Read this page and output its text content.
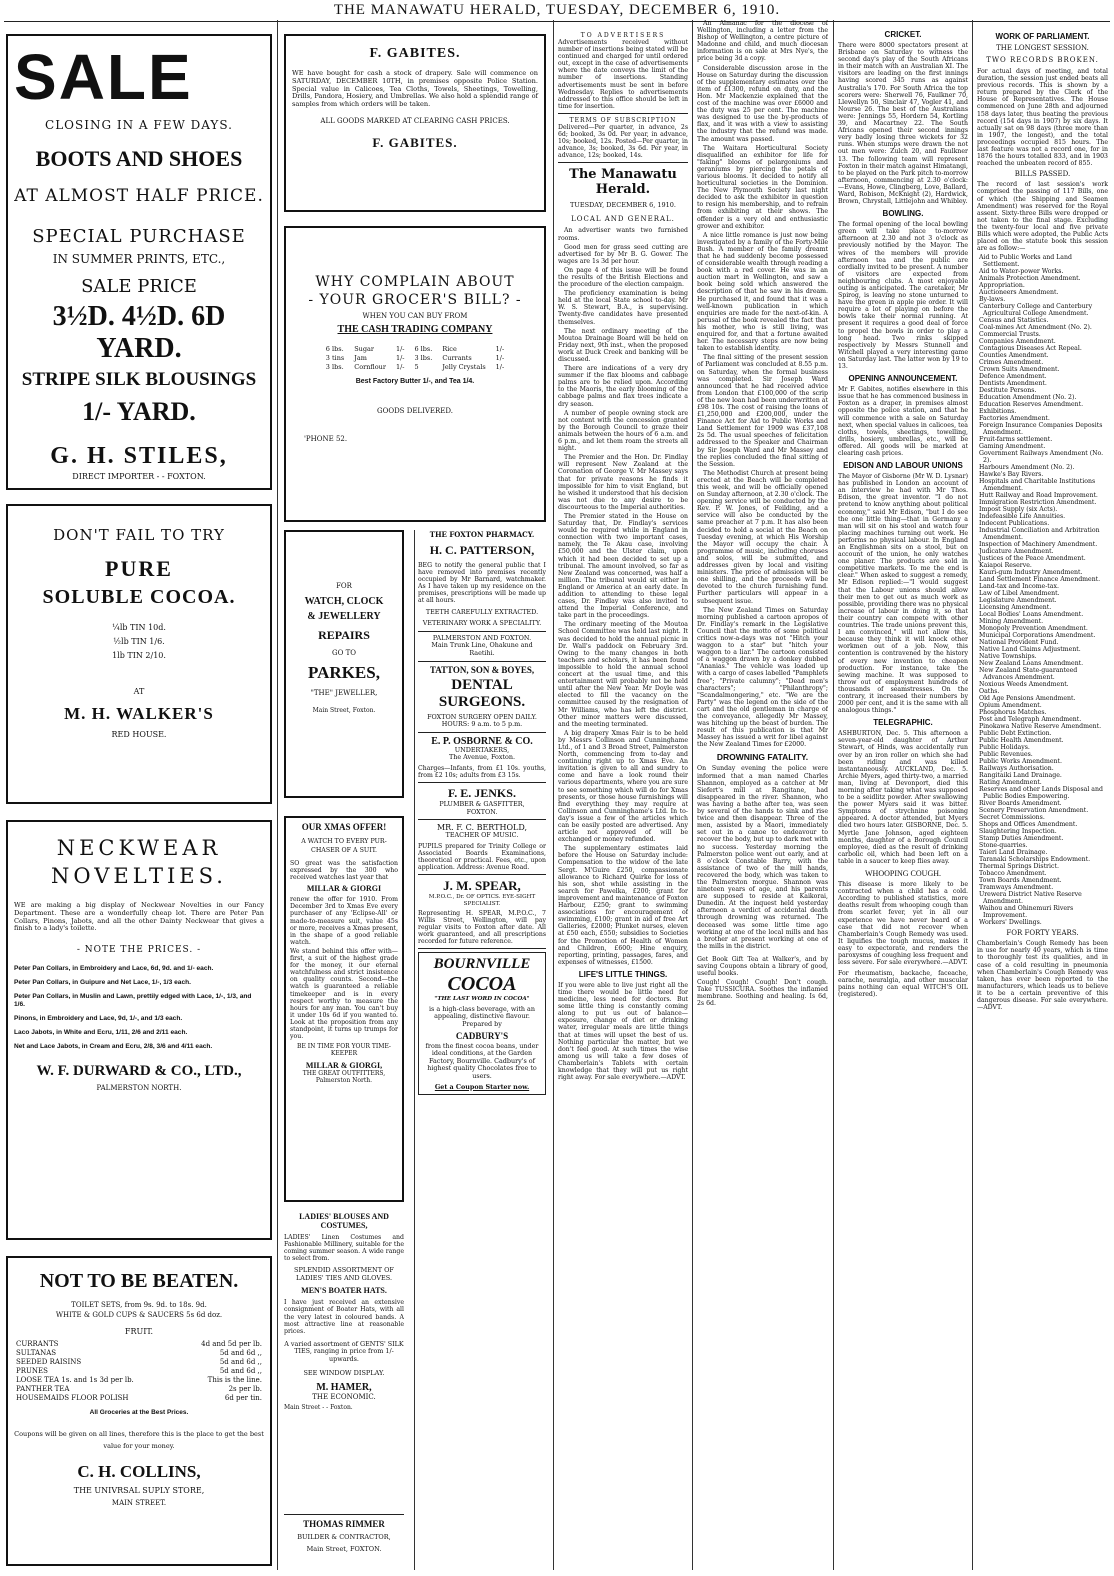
THE MANAWATU HERALD, TUESDAY, DECEMBER 6, 1910.
SALE
CLOSING IN A FEW DAYS.
BOOTS AND SHOES
AT ALMOST HALF PRICE.
SPECIAL PURCHASE
IN SUMMER PRINTS, ETC.,
SALE PRICE
3½D. 4½D. 6D YARD.
STRIPE SILK BLOUSINGS
1/- YARD.
G. H. STILES,
DIRECT IMPORTER - - FOXTON.
DON'T FAIL TO TRY
PURE
SOLUBLE COCOA.
¼lb TIN 10d.
½lb TIN 1/6.
1lb TIN 2/10.
AT
M. H. WALKER'S
RED HOUSE.
NECKWEAR
NOVELTIES.
WE are making a big display of Neckwear Novelties in our Fancy Department. These are a wonderfully cheap lot. There are Peter Pan Collars, Pinons, Jabots, and all the other Dainty Neckwear that gives a finish to a lady's toilette.
- NOTE THE PRICES. -
Peter Pan Collars, in Embroidery and Lace, 6d, 9d. and 1/- each.
Peter Pan Collars, in Guipure and Net Lace, 1/-, 1/3 each.
Peter Pan Collars, in Muslin and Lawn, prettily edged with Lace, 1/-, 1/3, and 1/6.
Pinons, in Embroidery and Lace, 9d, 1/-, and 1/3 each.
Laco Jabots, in White and Ecru, 1/11, 2/6 and 2/11 each.
Net and Lace Jabots, in Cream and Ecru, 2/8, 3/6 and 4/11 each.
W. F. DURWARD & CO., LTD.,
PALMERSTON NORTH.
NOT TO BE BEATEN.
TOILET SETS, from 9s. 9d. to 18s. 9d.
WHITE & GOLD CUPS & SAUCERS 5s 6d doz.
FRUIT.
CURRANTS	4d and 5d per lb.
SULTANAS	5d and 6d ,,
SEEDED RAISINS	5d and 6d ,,
PRUNES	5d and 6d ,,
LOOSE TEA 1s. and 1s 3d per lb.	This is the line.
PANTHER TEA	2s per lb.
HOUSEMAIDS FLOOR POLISH	6d per tin.
All Groceries at the Best Prices.
Coupons will be given on all lines, therefore this is the place to get the best value for your money.
C. H. COLLINS,
THE UNIVRSAL SUPLY STORE,
MAIN STREET.
F. GABITES.
WE have bought for cash a stock of drapery. Sale will commence on SATURDAY, DECEMBER 10TH, in premises opposite Police Station. Special value in Calicoes, Tea Cloths, Towels, Sheetings, Towelling, Drills, Pandora, Hosiery, and Umbrellas. We also hold a splendid range of samples from which orders will be taken.
ALL GOODS MARKED AT CLEARING CASH PRICES.
F. GABITES.
WHY COMPLAIN ABOUT
- YOUR GROCER'S BILL? -
WHEN YOU CAN BUY FROM
THE CASH TRADING COMPANY
6 lbs.	Sugar	1/-	6 lbs.	Rice	1/-
3 tins	Jam	1/-	3 lbs.	Currants	1/-
3 lbs.	Cornflour	1/-	5	Jelly Crystals	1/-
Best Factory Butter 1/-, and Tea 1/4.
GOODS DELIVERED.
'PHONE 52.
FOR
WATCH, CLOCK
& JEWELLERY
REPAIRS
GO TO
PARKES,
"THE" JEWELLER,
Main Street, Foxton.
OUR XMAS OFFER!
A WATCH TO EVERY PUR-
CHASER OF A SUIT.
SO great was the satisfaction expressed by the 300 who received watches last year that
MILLAR & GIORGI
renew the offer for 1910. From December 3rd to Xmas Eve every purchaser of any 'Eclipse-All' or made-to-measure suit, value 45s or more, receives a Xmas present, in the shape of a good reliable watch.
We stand behind this offer with—first, a suit of the highest grade for the money, it our eternal watchfulness and strict insistence on quality counts. Second—the watch is guaranteed a reliable timekeeper and is in every respect worthy to measure the hours for any man. You can't buy it under 10s 6d if you wanted to. Look at the proposition from any standpoint, it turns up trumps for you.
BE IN TIME FOR YOUR TIME-KEEPER
MILLAR & GIORGI,
THE GREAT OUTFITTERS,
Palmerston North.
LADIES' BLOUSES AND
COSTUMES,
LADIES' Linen Costumes and Fashionable Millinery, suitable for the coming summer season. A wide range to select from.
SPLENDID ASSORTMENT OF LADIES' TIES AND GLOVES.
MEN'S BOATER HATS.
I have just received an extensive consignment of Boater Hats, with all the very latest in coloured bands. A most attractive line at reasonable prices.
A varied assortment of GENTS' SILK TIES, ranging in price from 1/- upwards.
SEE WINDOW DISPLAY.
M. HAMER,
THE ECONOMIC.
Main Street - - Foxton.
THOMAS RIMMER
BUILDER & CONTRACTOR,
Main Street, FOXTON.
THE FOXTON PHARMACY.
H. C. PATTERSON,
BEG to notify the general public that I have removed into premises recently occupied by Mr Barnard, watchmaker. As I have taken up my residence on the premises, prescriptions will be made up at all hours.
TEETH CAREFULLY EXTRACTED.
VETERINARY WORK A SPECIALITY.
PALMERSTON AND FOXTON.
Main Trunk Line, Ohakune and Raetihi.
TATTON, SON & BOYES,
DENTAL SURGEONS.
FOXTON SURGERY OPEN DAILY.
HOURS: 9 a.m. to 5 p.m.
E. P. OSBORNE & CO.
UNDERTAKERS,
The Avenue, Foxton.
Charges—Infants, from £1 10s. youths, from £2 10s; adults from £3 15s.
F. E. JENKS.
PLUMBER & GASFITTER,
FOXTON.
MR. F. C. BERTHOLD,
TEACHER OF MUSIC.
PUPILS prepared for Trinity College or Associated Boards Examinations, theoretical or practical. Fees, etc., upon application. Address: Avenue Road.
J. M. SPEAR,
M.P.O.C., Dr. OF OPTICS. EYE-SIGHT SPECIALIST.
Representing H. SPEAR, M.P.O.C., 7 Willis Street, Wellington, will pay regular visits to Foxton after date. All work guaranteed, and all prescriptions recorded for future reference.
BOURNVILLE
COCOA
"THE LAST WORD IN COCOA"
is a high-class beverage, with an appealing, distinctive flavour. Prepared by
CADBURY'S
from the finest cocoa beans, under ideal conditions, at the Garden Factory, Bournville. Cadbury's of highest quality Chocolates free to users.
Get a Coupon Starter now.
TO ADVERTISERS
Advertisements received without number of insertions being stated will be continued and charged for until ordered out, except in the case of advertisements where the date conveys the limit of the number of insertions. Standing advertisements must be sent in before Wednesday. Replies to advertisements addressed to this office should be left in time for insertion.
TERMS OF SUBSCRIPTION
Delivered—Per quarter, in advance, 2s 6d; booked, 3s 0d. Per year, in advance, 10s; booked, 12s. Posted—Per quarter, in advance, 3s; booked, 3s 6d. Per year, in advance, 12s; booked, 14s.
The Manawatu Herald.
TUESDAY, DECEMBER 6, 1910.
LOCAL AND GENERAL.

An advertiser wants two furnished rooms.

Good men for grass seed cutting are advertised for by Mr B. G. Gower. The wages are 1s 3d per hour.

On page 4 of this issue will be found the results of the British Elections and the procedure of the election campaign.

The proficiency examination is being held at the local State school to-day. Mr W. S. Stewart, B.A., is supervising. Twenty-five candidates have presented themselves.

The next ordinary meeting of the Moutoa Drainage Board will be held on Friday next, 9th inst., when the proposed work at Duck Creek and banking will be discussed.

There are indications of a very dry summer if the flax blooms and cabbage palms are to be relied upon. According to the Maoris, the early blooming of the cabbage palms and flax trees indicate a dry season.

A number of people owning stock are not content with the concession granted by the Borough Council to graze their animals between the hours of 6 a.m. and 6 p.m., and let them roam the streets all night.

The Premier and the Hon. Dr. Findlay will represent New Zealand at the Coronation of George V. Mr Massey says that for private reasons he finds it impossible for him to visit England, but he wished it understood that his decision was not due to any desire to be discourteous to the Imperial authorities.

The Premier stated in the House on Saturday that, Dr. Findlay's services would be required while in England in connection with two important cases, namely, the Te Akau case, involving £50,000 and the Ulster claim, upon which it had been decided to set up a tribunal. The amount involved, so far as New Zealand was concerned, was half a million. The tribunal would sit either in England or America at an early date. In addition to attending to these legal cases, Dr. Findlay was also invited to attend the Imperial Conference, and take part in the proceedings.

The ordinary meeting of the Moutoa School Committee was held last night. It was decided to hold the annual picnic in Dr. Wall's paddock on February 3rd. Owing to the many changes in both teachers and scholars, it has been found impossible to hold the annual school concert at the usual time, and this entertainment will probably not be held until after the New Year. Mr Doyle was elected to fill the vacancy on the committee caused by the resignation of Mr Williams, who has left the district. Other minor matters were discussed, and the meeting terminated.

A big drapery Xmas Fair is to be held by Messrs Collinson and Cunninghame Ltd., of 1 and 3 Broad Street, Palmerston North, commencing from to-day and continuing right up to Xmas Eve. An invitation is given to all and sundry to come and have a look round their various departments, where you are sure to see something which will do for Xmas presents, or those house furnishings will find everything they may require at Collinson and Cunninghame's Ltd. In to-day's issue a few of the articles which can be easily posted are advertised. Any article not approved of will be exchanged or money refunded.

The supplementary estimates laid before the House on Saturday include: Compensation to the widow of the late Sergt. M'Guire £250, compassionate allowance to Richard Quirke for loss of his son, shot while assisting in the search for Pawelka, £200; grant for improvement and maintenance of Foxton Harbour, £250; grant to swimming associations for encouragement of swimming, £100; grant in aid of free Art Galleries, £2000; Plunket nurses, eleven at £50 each, £550; subsidies to Societies for the Promotion of Health of Women and Children, £600; Hine enquiry, reporting, printing, passages, fares, and expenses of witnesses, £1500.

LIFE'S LITTLE THINGS.
If you were able to live just right all the time there would be little need for medicine, less need for doctors. But some little thing is constantly coming along to put us out of balance—exposure, change of diet or drinking water, irregular meals are little things that at times will upset the best of us. Nothing particular the matter, but we don't feel good. At such times the wise among us will take a few doses of Chamberlain's Tablets with certain knowledge that they will put us right right away. For sale everywhere.—ADVT.

An Almanac for the diocese of Wellington, including a letter from the Bishop of Wellington, a centre picture of Madonne and child, and much diocesan information is on sale at Mrs Nye's, the price being 3d a copy.

Considerable discussion arose in the House on Saturday during the discussion of the supplementary estimates over the item of £1300, refund on duty, and the Hon. Mr Mackenzie explained that the cost of the machine was over £6000 and the duty was 25 per cent. The machine was designed to use the by-products of flax, and it was with a view to assisting the industry that the refund was made. The amount was passed.

The Waitara Horticultural Society disqualified an exhibitor for life for "faking" blooms of pelargoniums and geraniums by piercing the petals of various blooms. It decided to notify all horticultural societies in the Dominion. The New Plymouth Society last night decided to ask the exhibitor in question to resign his membership, and to refrain from exhibiting at their shows. The offender is a very old and enthusiastic grower and exhibitor.

A nice little romance is just now being investigated by a family of the Forty-Mile Bush. A member of the family dreamt that he had suddenly become possessed of considerable wealth through reading a book with a red cover. He was in an auction mart in Wellington, and saw a book being sold which answered the description of that he saw in his dream. He purchased it, and found that it was a well-known publication in which enquiries are made for the next-of-kin. A perusal of the book revealed the fact that his mother, who is still living, was enquired for, and that a fortune awaited her. The necessary steps are now being taken to establish identity.

The final sitting of the present session of Parliament was concluded at 8.55 p.m. on Saturday, when the formal business was completed. Sir Joseph Ward announced that he had received advice from London that £100,000 of the scrip of the new loan had been underwritten at £98 10s. The cost of raising the loans of £1,250,000 and £200,000, under the Finance Act for Aid to Public Works and Land Settlement for 1909 was £37,108 2s 5d. The usual speeches of felicitation addressed to the Speaker and Chairman by Sir Joseph Ward and Mr Massey and the replies concluded the final sitting of the Session.

The Methodist Church at present being erected at the Beach will be completed this week, and will be officially opened on Sunday afternoon, at 2.30 o'clock. The opening service will be conducted by the Rev. P. W. Jones, of Feilding, and a service will also be conducted by the same preacher at 7 p.m. It has also been decided to hold a social at the Beach on Tuesday evening, at which His Worship the Mayor will occupy the chair. A programme of music, including choruses and solos, will be submitted, and addresses given by local and visiting ministers. The price of admission will be one shilling, and the proceeds will be devoted to the church furnishing fund. Further particulars will appear in a subsequent issue.

The New Zealand Times on Saturday morning published a cartoon apropos of Dr. Findlay's remark in the Legislative Council that the motto of some political critics now-a-days was not "Hitch your waggon to a star" but "hitch your waggon to a liar." The cartoon consisted of a waggon drawn by a donkey dubbed "Ananias." The vehicle was loaded up with a cargo of cases labelled "Pamphlets free"; "Private calumny"; "Dead men's characters"; "Philanthropy"; "Scandalmongering," etc. "We are the Party" was the legend on the side of the cart and the old gentleman in charge of the conveyance, allegedly Mr Massey, was hitching up the beast of burden. The result of this publication is that Mr Massey has issued a writ for libel against the New Zealand Times for £2000.

DROWNING FATALITY.
On Sunday evening the police were informed that a man named Charles Shannon, employed as a catcher at Mr Siefert's mill at Rangitane, had disappeared in the river. Shannon, who was having a bathe after tea, was seen by several of the hands to sink and rise twice and then disappear. Three of the men, assisted by a Maori, immediately set out in a canoe to endeavour to recover the body, but up to dark met with no success. Yesterday morning the Palmerston police went out early, and at 8 o'clock Constable Barry, with the assistance of two of the mill hands, recovered the body, which was taken to the Palmerston morgue. Shannon was nineteen years of age, and his parents are supposed to reside at Kaikorai, Dunedin. At the inquest held yesterday afternoon a verdict of accidental death through drowning was returned. The deceased was some little time ago working at one of the local mills and has a brother at present working at one of the mills in the district.
Get Book Gift Tea at Walker's, and by saving Coupons obtain a library of good, useful books.
Cough! Cough! Cough! Don't cough. Take TUSSICURA. Soothes the inflamed membrane. Soothing and healing. Is 6d, 2s 6d.
CRICKET.
There were 8000 spectators present at Brisbane on Saturday to witness the second day's play of the South Africans in their match with an Australian XI. The visitors are leading on the first innings having scored 345 runs as against Australia's 170. For South Africa the top scorers were: Sherwell 76, Faulkner 70, Llewellyn 50, Sinclair 47, Vogler 41, and Nourse 26. The best of the Australians were: Jennings 55, Hordern 54, Kortling 39, and Macartney 22. The South Africans opened their second innings very badly losing three wickets for 32 runs. When stumps were drawn the not out men were: Zulch 20, and Faulkner 13. The following team will represent Foxton in their match against Himatangi, to be played on the Park pitch to-morrow afternoon, commencing at 2.30 o'clock:—Evans, Howe, Clingberg, Love, Ballard, Ward, Robison, McKnight (2), Hardwick, Brown, Chrystall, Littlejohn and Whibley.
BOWLING.
The formal opening of the local bowling green will take place to-morrow afternoon at 2.30 and not 3 o'clock as previously notified by the Mayor. The wives of the members will provide afternoon tea and the public are cordially invited to be present. A number of visitors are expected from neighbouring clubs. A most enjoyable outing is anticipated. The caretaker, Mr Spirog, is leaving no stone unturned to have the green in apple pie order. It will require a lot of playing on before the bowls take their normal running. At present it requires a good deal of force to propel the bowls in order to play a long head. Two rinks skipped respectively by Messrs Stunnell and Witchell played a very interesting game on Saturday last. The latter won by 19 to 13.
OPENING ANNOUNCEMENT.
Mr F. Gabites, notifies elsewhere in this issue that he has commenced business in Foxton as a draper, in premises almost opposite the police station, and that he will commence with a sale on Saturday next, when special values in calicoes, tea cloths, towels, sheetings, towelling, drills, hosiery, umbrellas, etc., will be offered. All goods will be marked at clearing cash prices.
EDISON AND LABOUR UNIONS
The Mayor of Gisborne (Mr W. D. Lysnar) has published in London an account of an interview he had with Mr Thos. Edison, the great inventor. "I do not pretend to know anything about political economy," said Mr Edison, "but I do see the one little thing—that in Germany a man will sit on his stool and watch four placing machines turning out work. He performs no physical labour. In England an Englishman sits on a stool, but on account of the union, he only watches one planer. The products are sold in competitive markets. To me the end is clear." When asked to suggest a remedy, Mr Edison replied:—"I would suggest that the Labour unions should allow their men to get out as much work as possible, providing there was no physical increase of labour in doing it, so that their country can compete with other countries. The trade unions prevent this, I am convinced," will not allow this, because they think it will knock other workmen out of a job. Now, this contention is contravened by the history of every new invention to cheapen production. For instance, take the sewing machine. It was supposed to throw out of employment hundreds of thousands of seamstresses. On the contrary, it increased their numbers by 2000 per cent, and it is the same with all analogous things."
TELEGRAPHIC.
ASHBURTON, Dec. 5. This afternoon a seven-year-old daughter of Arthur Stewart, of Hinds, was accidentally run over by an iron roller on which she had been riding and was killed instantaneously. AUCKLAND, Dec. 5. Archie Myers, aged thirty-two, a married man, living at Devonport, died this morning after taking what was supposed to be a seidlitz powder. After swallowing the power Myers said it was bitter. Symptoms of strychnine poisoning appeared. A doctor attended, but Myers died two hours later. GISBORNE, Dec. 5. Myrtle Jane Johnson, aged eighteen months, daughter of a Borough Council employee, died as the result of drinking carbolic oil, which had been left on a table in a saucer to keep flies away.
WHOOPING COUGH.
This disease is more likely to be contracted when a child has a cold. According to published statistics, more deaths result from whooping cough than from scarlet fever, yet in all our experience we have never heard of a case that did not recover when Chamberlain's Cough Remedy was used. It liquifies the tough mucus, makes it easy to expectorate, and renders the paroxysms of coughing less frequent and less severe. For sale everywhere.—ADVT.
For rheumatism, backache, faceache, earache, neuralgia, and other muscular pains nothing can equal WITCH'S OIL (registered).
WORK OF PARLIAMENT.
THE LONGEST SESSION.
TWO RECORDS BROKEN.
For actual days of meeting, and total duration, the session just ended beats all previous records. This is shown by a return prepared by the Clerk of the House of Representatives. The House commenced on June 28th and adjourned 158 days later, thus beating the previous record (154 days in 1907) by six days. It actually sat on 98 days (three more than in 1907, the longest), and the total proceedings occupied 815 hours. The last feature was not a record one, for in 1876 the hours totalled 833, and in 1903 reached the unbeaten record of 855.
BILLS PASSED.
The record of last session's work comprised the passing of 117 Bills, one of which (the Shipping and Seamen Amendment) was reserved for the Royal assent. Sixty-three Bills were dropped or not taken to the final stage. Excluding the twenty-four local and five private Bills which were adopted, the Public Acts placed on the statute book this session are as follow:—
Aid to Public Works and Land Settlement.
Aid to Water-power Works.
Animals Protection Amendment.
Appropriation.
Auctioneers Amendment.
By-laws.
Canterbury College and Canterbury Agricultural College Amendment.
Census and Statistics.
Coal-mines Act Amendment (No. 2).
Commercial Trusts.
Companies Amendment.
Contagious Diseases Act Repeal.
Counties Amendment.
Crimes Amendment.
Crown Suits Amendment.
Defence Amendment.
Dentists Amendment.
Destitute Persons.
Education Amendment (No. 2).
Education Reserves Amendment.
Exhibitions.
Factories Amendment.
Foreign Insurance Companies Deposits Amendment.
Fruit-farms settlement.
Gaming Amendment.
Government Railways Amendment (No. 2).
Harbours Amendment (No. 2).
Hawke's Bay Rivers.
Hospitals and Charitable Institutions Amendment.
Hutt Railway and Road Improvement.
Immigration Restriction Amendment.
Impost Supply (six Acts).
Indefeasible Life Annuities.
Indecent Publications.
Industrial Conciliation and Arbitration Amendment.
Inspection of Machinery Amendment.
Judicature Amendment.
Justices of the Peace Amendment.
Kaiapoi Reserve.
Kauri-gum Industry Amendment.
Land Settlement Finance Amendment.
Land-tax and Income-tax.
Law of Libel Amendment.
Legislature Amendment.
Licensing Amendment.
Local Bodies' Loans Amendment.
Mining Amendment.
Monopoly Prevention Amendment.
Municipal Corporations Amendment.
National Provident Fund.
Native Land Claims Adjustment.
Native Townships.
New Zealand Loans Amendment.
New Zealand State-guaranteed Advances Amendment.
Noxious Weeds Amendment.
Oaths.
Old Age Pensions Amendment.
Opium Amendment.
Phosphorus Matches.
Post and Telegraph Amendment.
Pinokawa Native Reserve Amendment.
Public Debt Extinction.
Public Health Amendment.
Public Holidays.
Public Revenues.
Public Works Amendment.
Railways Authorisation.
Rangitaiki Land Drainage.
Rating Amendment.
Reserves and other Lands Disposal and Public Bodies Empowering.
River Boards Amendment.
Scenery Preservation Amendment.
Secret Commissions.
Shops and Offices Amendment.
Slaughtering Inspection.
Stamp Duties Amendment.
Stone-quarries.
Taieri Land Drainage.
Taranaki Scholarships Endowment.
Thermal Springs District.
Tobacco Amendment.
Town Boards Amendment.
Tramways Amendment.
Urewera District Native Reserve Amendment.
Waihou and Ohinemuri Rivers Improvement.
Workers' Dwellings.
FOR FORTY YEARS.
Chamberlain's Cough Remedy has been in use for nearly 40 years, which is time to thoroughly test its qualities, and in case of a cold resulting in pneumonia when Chamberlain's Cough Remedy was taken, has ever been reported to the manufacturers, which leads us to believe it to be a certain preventive of this dangerous disease. For sale everywhere.—ADVT.
